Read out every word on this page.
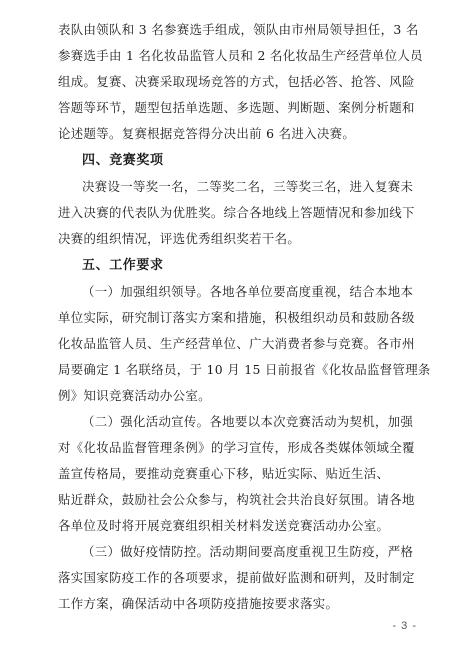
表队由领队和 3 名参赛选手组成，领队由市州局领导担任，3 名
参赛选手由 1 名化妆品监管人员和 2 名化妆品生产经营单位人员
组成。复赛、决赛采取现场竞答的方式，包括必答、抢答、风险
答题等环节，题型包括单选题、多选题、判断题、案例分析题和
论述题等。复赛根据竞答得分决出前 6 名进入决赛。
四、竞赛奖项
决赛设一等奖一名，二等奖二名，三等奖三名，进入复赛未
进入决赛的代表队为优胜奖。综合各地线上答题情况和参加线下
决赛的组织情况，评选优秀组织奖若干名。
五、工作要求
（一）加强组织领导。各地各单位要高度重视，结合本地本
单位实际，研究制订落实方案和措施，积极组织动员和鼓励各级
化妆品监管人员、生产经营单位、广大消费者参与竞赛。各市州
局要确定 1 名联络员，于 10 月 15 日前报省《化妆品监督管理条
例》知识竞赛活动办公室。
（二）强化活动宣传。各地要以本次竞赛活动为契机，加强
对《化妆品监督管理条例》的学习宣传，形成各类媒体领域全覆
盖宣传格局，要推动竞赛重心下移，贴近实际、贴近生活、
贴近群众，鼓励社会公众参与，构筑社会共治良好氛围。请各地
各单位及时将开展竞赛组织相关材料发送竞赛活动办公室。
（三）做好疫情防控。活动期间要高度重视卫生防疫，严格
落实国家防疫工作的各项要求，提前做好监测和研判，及时制定
工作方案，确保活动中各项防疫措施按要求落实。
- 3 -
